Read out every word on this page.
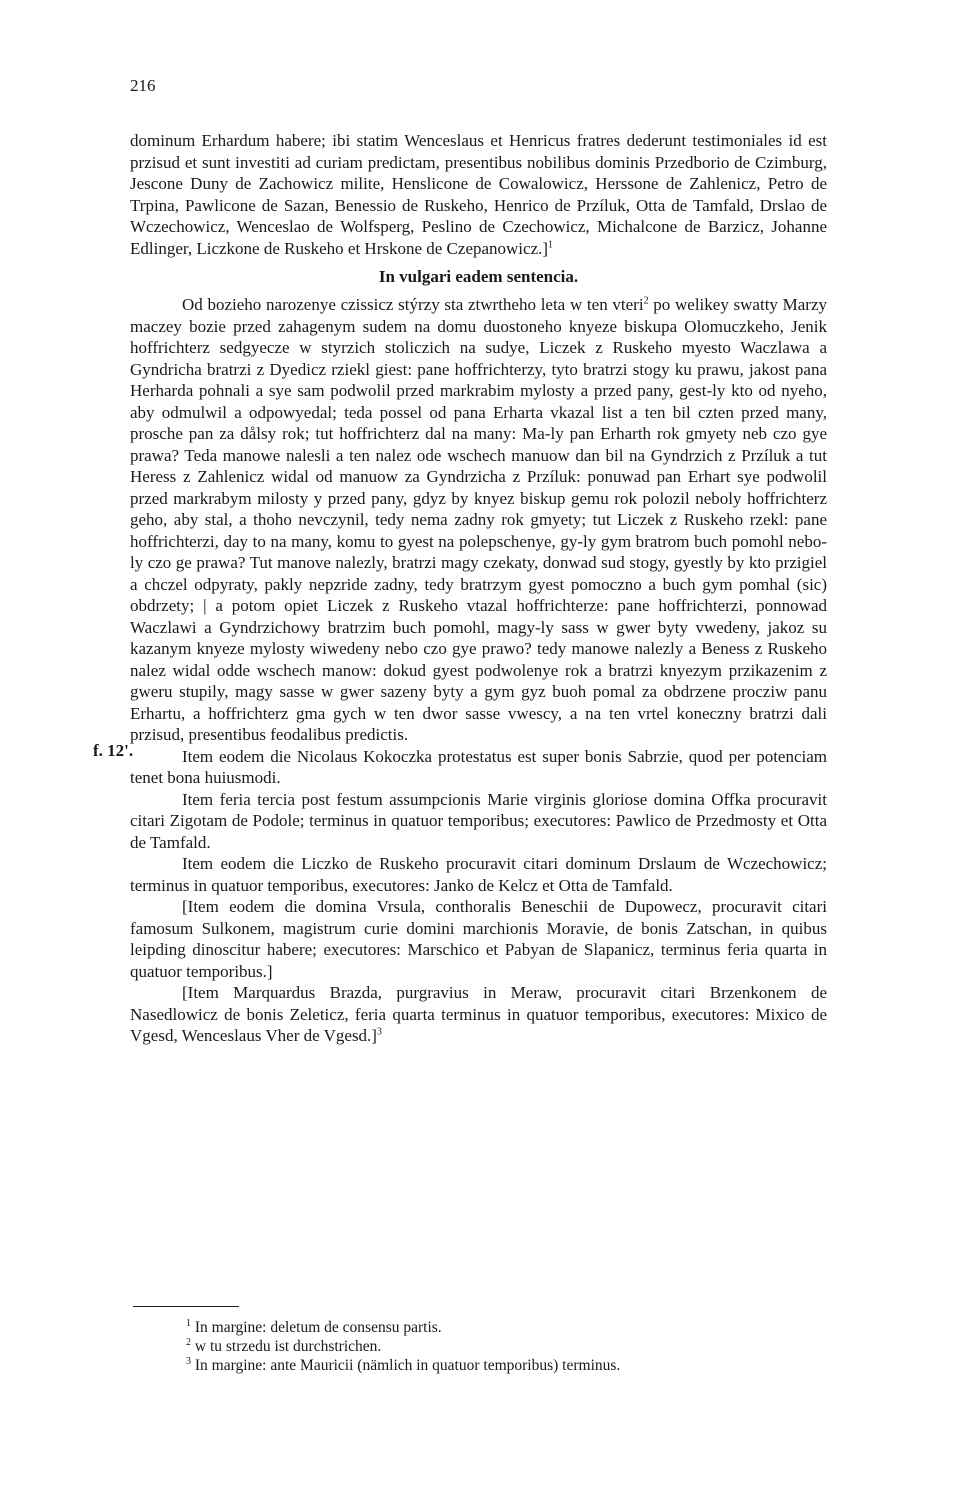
216
f. 12'.

dominum Erhardum habere; ibi statim Wenceslaus et Henricus fratres dederunt testimoniales id est przisud et sunt investiti ad curiam predictam, presentibus nobilibus dominis Przedborio de Czimburg, Jescone Duny de Zachowicz milite, Henslicone de Cowalowicz, Herssone de Zahlenicz, Petro de Trpina, Pawlicone de Sazan, Benessio de Ruskeho, Henrico de Przíluk, Otta de Tamfald, Drslao de Wczechowicz, Wenceslao de Wolfsperg, Peslino de Czechowicz, Michalcone de Barzicz, Johanne Edlinger, Liczkone de Ruskeho et Hrskone de Czepanowicz.]$^1$

In vulgari eadem sentencia.

Od bozieho narozenye czissicz stýrzy sta ztwrtheho leta w ten vteri$^2$ po welikey swatty Marzy maczey bozie przed zahagenym sudem na domu duostoneho knyeze biskupa Olomuczkeho, Jenik hoffrichterz sedgyecze w styrzich stoliczich na sudye, Liczek z Ruskeho myesto Waczlawa a Gyndricha bratrzi z Dyedicz rziekl giest: pane hoffrichterzy, tyto bratrzi stogy ku prawu, jakost pana Herharda pohnali a sye sam podwolil przed markrabim mylosty a przed pany, gest-ly kto od nyeho, aby odmulwil a odpowyedal; teda possel od pana Erharta vkazal list a ten bil czten przed many, prosche pan za dålsy rok; tut hoffrichterz dal na many: Ma-ly pan Erharth rok gmyety neb czo gye prawa? Teda manowe nalesli a ten nalez ode wschech manuow dan bil na Gyndrzich z Przíluk a tut Heress z Zahlenicz widal od manuow za Gyndrzicha z Przíluk: ponuwad pan Erhart sye podwolil przed markrabym milosty y przed pany, gdyz by knyez biskup gemu rok polozil neboly hoffrichterz geho, aby stal, a thoho nevczynil, tedy nema zadny rok gmyety; tut Liczek z Ruskeho rzekl: pane hoffrichterzi, day to na many, komu to gyest na polepschenye, gy-ly gym bratrom buch pomohl nebo-ly czo ge prawa? Tut manove nalezly, bratrzi magy czekaty, donwad sud stogy, gyestly by kto przigiel a chczel odpyraty, pakly nepzride zadny, tedy bratrzym gyest pomoczno a buch gym pomhal (sic) obdrzety; | a potom opiet Liczek z Ruskeho vtazal hoffrichterze: pane hoffrichterzi, ponnowad Waczlawi a Gyndrzichowy bratrzim buch pomohl, magy-ly sass w gwer byty vwedeny, jakoz su kazanym knyeze mylosty wiwedeny nebo czo gye prawo? tedy manowe nalezly a Beness z Ruskeho nalez widal odde wschech manow: dokud gyest podwolenye rok a bratrzi knyezym przikazenim z gweru stupily, magy sasse w gwer sazeny byty a gym gyz buoh pomal za obdrzene procziw panu Erhartu, a hoffrichterz gma gych w ten dwor sasse vwescy, a na ten vrtel koneczny bratrzi dali przisud, presentibus feodalibus predictis.

Item eodem die Nicolaus Kokoczka protestatus est super bonis Sabrzie, quod per potenciam tenet bona huiusmodi.

Item feria tercia post festum assumpcionis Marie virginis gloriose domina Offka procuravit citari Zigotam de Podole; terminus in quatuor temporibus; executores: Pawlico de Przedmosty et Otta de Tamfald.

Item eodem die Liczko de Ruskeho procuravit citari dominum Drslaum de Wczechowicz; terminus in quatuor temporibus, executores: Janko de Kelcz et Otta de Tamfald.

[Item eodem die domina Vrsula, conthoralis Beneschii de Dupowecz, procuravit citari famosum Sulkonem, magistrum curie domini marchionis Moravie, de bonis Zatschan, in quibus leipding dinoscitur habere; executores: Marschico et Pabyan de Slapanicz, terminus feria quarta in quatuor temporibus.]

[Item Marquardus Brazda, purgravius in Meraw, procuravit citari Brzenkonem de Nasedlowicz de bonis Zeleticz, feria quarta terminus in quatuor temporibus, executores: Mixico de Vgesd, Wenceslaus Vher de Vgesd.]$^3$

$^1$ In margine: deletum de consensu partis.

$^2$ w tu strzedu ist durchstrichen.

$^3$ In margine: ante Mauricii (nämlich in quatuor temporibus) terminus.
